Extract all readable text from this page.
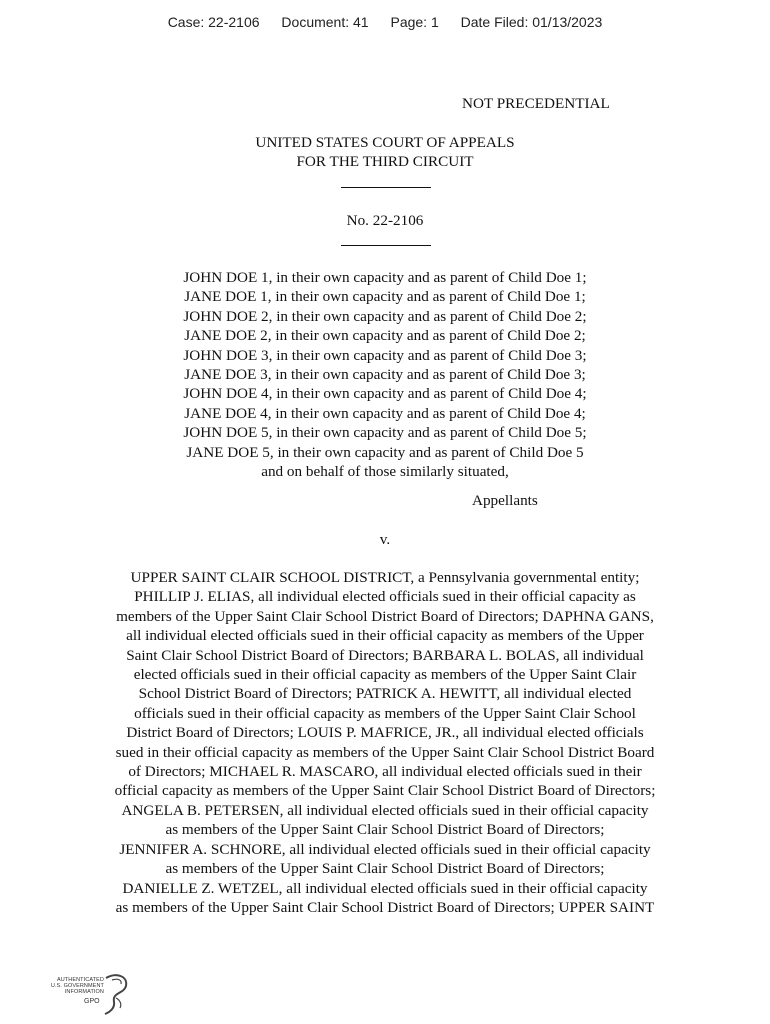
Case: 22-2106 Document: 41 Page: 1 Date Filed: 01/13/2023
NOT PRECEDENTIAL
UNITED STATES COURT OF APPEALS
FOR THE THIRD CIRCUIT
No. 22-2106
JOHN DOE 1, in their own capacity and as parent of Child Doe 1;
JANE DOE 1, in their own capacity and as parent of Child Doe 1;
JOHN DOE 2, in their own capacity and as parent of Child Doe 2;
JANE DOE 2, in their own capacity and as parent of Child Doe 2;
JOHN DOE 3, in their own capacity and as parent of Child Doe 3;
JANE DOE 3, in their own capacity and as parent of Child Doe 3;
JOHN DOE 4, in their own capacity and as parent of Child Doe 4;
JANE DOE 4, in their own capacity and as parent of Child Doe 4;
JOHN DOE 5, in their own capacity and as parent of Child Doe 5;
JANE DOE 5, in their own capacity and as parent of Child Doe 5
and on behalf of those similarly situated,
Appellants
v.
UPPER SAINT CLAIR SCHOOL DISTRICT, a Pennsylvania governmental entity;
PHILLIP J. ELIAS, all individual elected officials sued in their official capacity as
members of the Upper Saint Clair School District Board of Directors; DAPHNA GANS,
all individual elected officials sued in their official capacity as members of the Upper
Saint Clair School District Board of Directors; BARBARA L. BOLAS, all individual
elected officials sued in their official capacity as members of the Upper Saint Clair
School District Board of Directors; PATRICK A. HEWITT, all individual elected
officials sued in their official capacity as members of the Upper Saint Clair School
District Board of Directors; LOUIS P. MAFRICE, JR., all individual elected officials
sued in their official capacity as members of the Upper Saint Clair School District Board
of Directors; MICHAEL R. MASCARO, all individual elected officials sued in their
official capacity as members of the Upper Saint Clair School District Board of Directors;
ANGELA B. PETERSEN, all individual elected officials sued in their official capacity
as members of the Upper Saint Clair School District Board of Directors;
JENNIFER A. SCHNORE, all individual elected officials sued in their official capacity
as members of the Upper Saint Clair School District Board of Directors;
DANIELLE Z. WETZEL, all individual elected officials sued in their official capacity
as members of the Upper Saint Clair School District Board of Directors; UPPER SAINT
AUTHENTICATED
U.S. GOVERNMENT
INFORMATION
GPO
